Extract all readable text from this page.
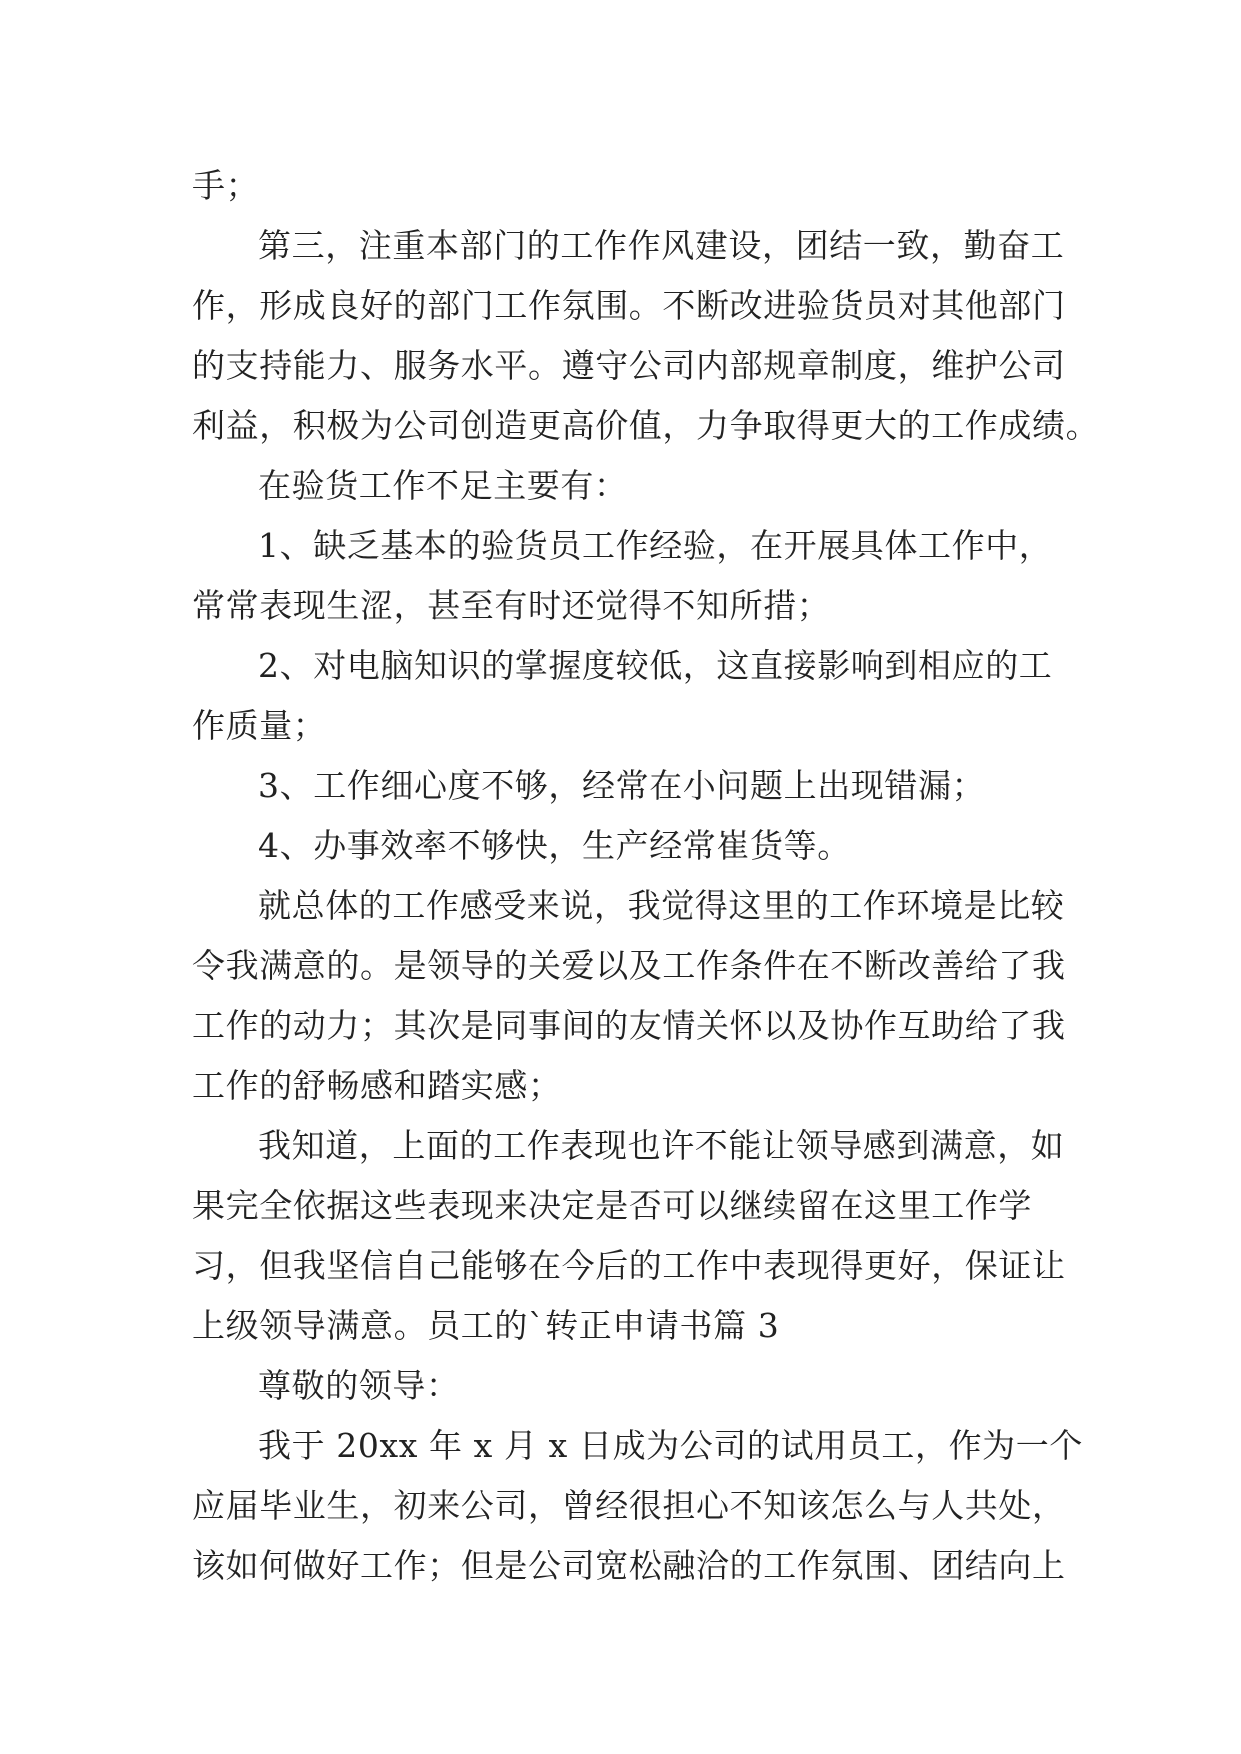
手；
第三，注重本部门的工作作风建设，团结一致，勤奋工
作，形成良好的部门工作氛围。不断改进验货员对其他部门
的支持能力、服务水平。遵守公司内部规章制度，维护公司
利益，积极为公司创造更高价值，力争取得更大的工作成绩。
在验货工作不足主要有：
1、缺乏基本的验货员工作经验，在开展具体工作中，
常常表现生涩，甚至有时还觉得不知所措；
2、对电脑知识的掌握度较低，这直接影响到相应的工
作质量；
3、工作细心度不够，经常在小问题上出现错漏；
4、办事效率不够快，生产经常崔货等。
就总体的工作感受来说，我觉得这里的工作环境是比较
令我满意的。是领导的关爱以及工作条件在不断改善给了我
工作的动力；其次是同事间的友情关怀以及协作互助给了我
工作的舒畅感和踏实感；
我知道，上面的工作表现也许不能让领导感到满意，如
果完全依据这些表现来决定是否可以继续留在这里工作学
习，但我坚信自己能够在今后的工作中表现得更好，保证让
上级领导满意。员工的`转正申请书篇 3
尊敬的领导：
我于 20xx 年 x 月 x 日成为公司的试用员工，作为一个
应届毕业生，初来公司，曾经很担心不知该怎么与人共处，
该如何做好工作；但是公司宽松融洽的工作氛围、团结向上
